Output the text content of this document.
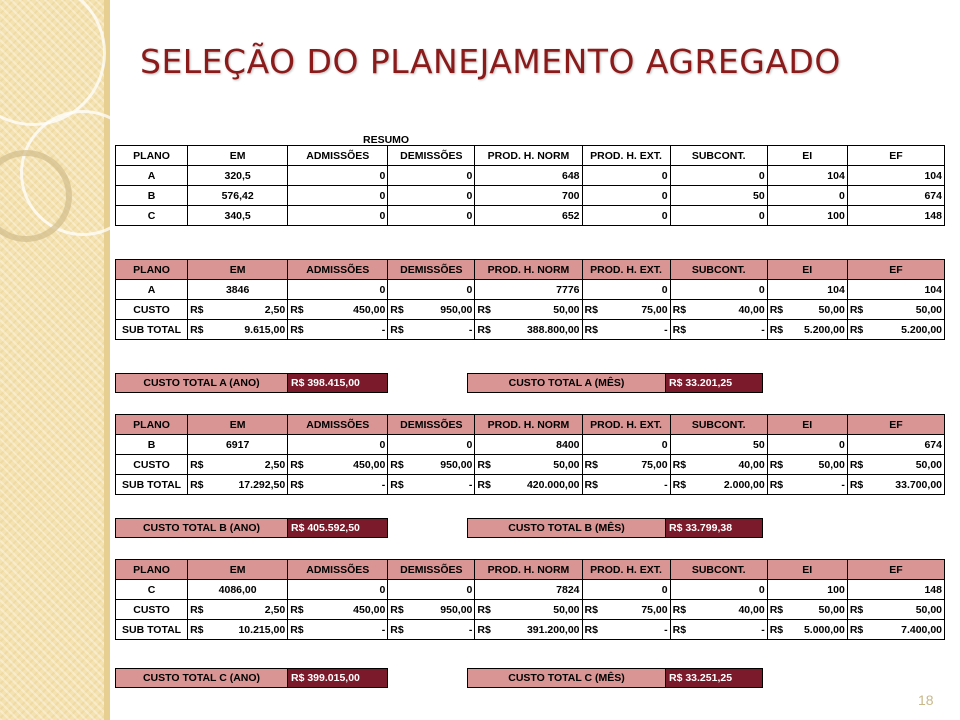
SELEÇÃO DO PLANEJAMENTO AGREGADO
RESUMO
PLANO	EM	ADMISSÕES	DEMISSÕES	PROD. H. NORM	PROD. H. EXT.	SUBCONT.	EI	EF
A	320,5	0	0	648	0	0	104	104
B	576,42	0	0	700	0	50	0	674
C	340,5	0	0	652	0	0	100	148
PLANO	EM	ADMISSÕES	DEMISSÕES	PROD. H. NORM	PROD. H. EXT.	SUBCONT.	EI	EF
A	3846	0	0	7776	0	0	104	104
CUSTO	R$ 2,50	R$ 450,00	R$ 950,00	R$ 50,00	R$ 75,00	R$ 40,00	R$ 50,00	R$ 50,00

SUB TOTAL	R$ 9.615,00	R$ -	R$ -	R$ 388.800,00	R$ -	R$ -	R$ 5.200,00	R$ 5.200,00
CUSTO TOTAL A (ANO)	R$ 398.415,00		CUSTO TOTAL A (MÊS)	R$ 33.201,25
PLANO	EM	ADMISSÕES	DEMISSÕES	PROD. H. NORM	PROD. H. EXT.	SUBCONT.	EI	EF
B	6917	0	0	8400	0	50	0	674
CUSTO	R$ 2,50	R$ 450,00	R$ 950,00	R$ 50,00	R$ 75,00	R$ 40,00	R$ 50,00	R$ 50,00

SUB TOTAL	R$ 17.292,50	R$ -	R$ -	R$ 420.000,00	R$ -	R$ 2.000,00	R$ -	R$ 33.700,00
CUSTO TOTAL B (ANO)	R$ 405.592,50		CUSTO TOTAL B (MÊS)	R$ 33.799,38
PLANO	EM	ADMISSÕES	DEMISSÕES	PROD. H. NORM	PROD. H. EXT.	SUBCONT.	EI	EF
C	4086,00	0	0	7824	0	0	100	148
CUSTO	R$ 2,50	R$ 450,00	R$ 950,00	R$ 50,00	R$ 75,00	R$ 40,00	R$ 50,00	R$ 50,00

SUB TOTAL	R$ 10.215,00	R$ -	R$ -	R$ 391.200,00	R$ -	R$ -	R$ 5.000,00	R$ 7.400,00
CUSTO TOTAL C (ANO)	R$ 399.015,00		CUSTO TOTAL C (MÊS)	R$ 33.251,25
18
